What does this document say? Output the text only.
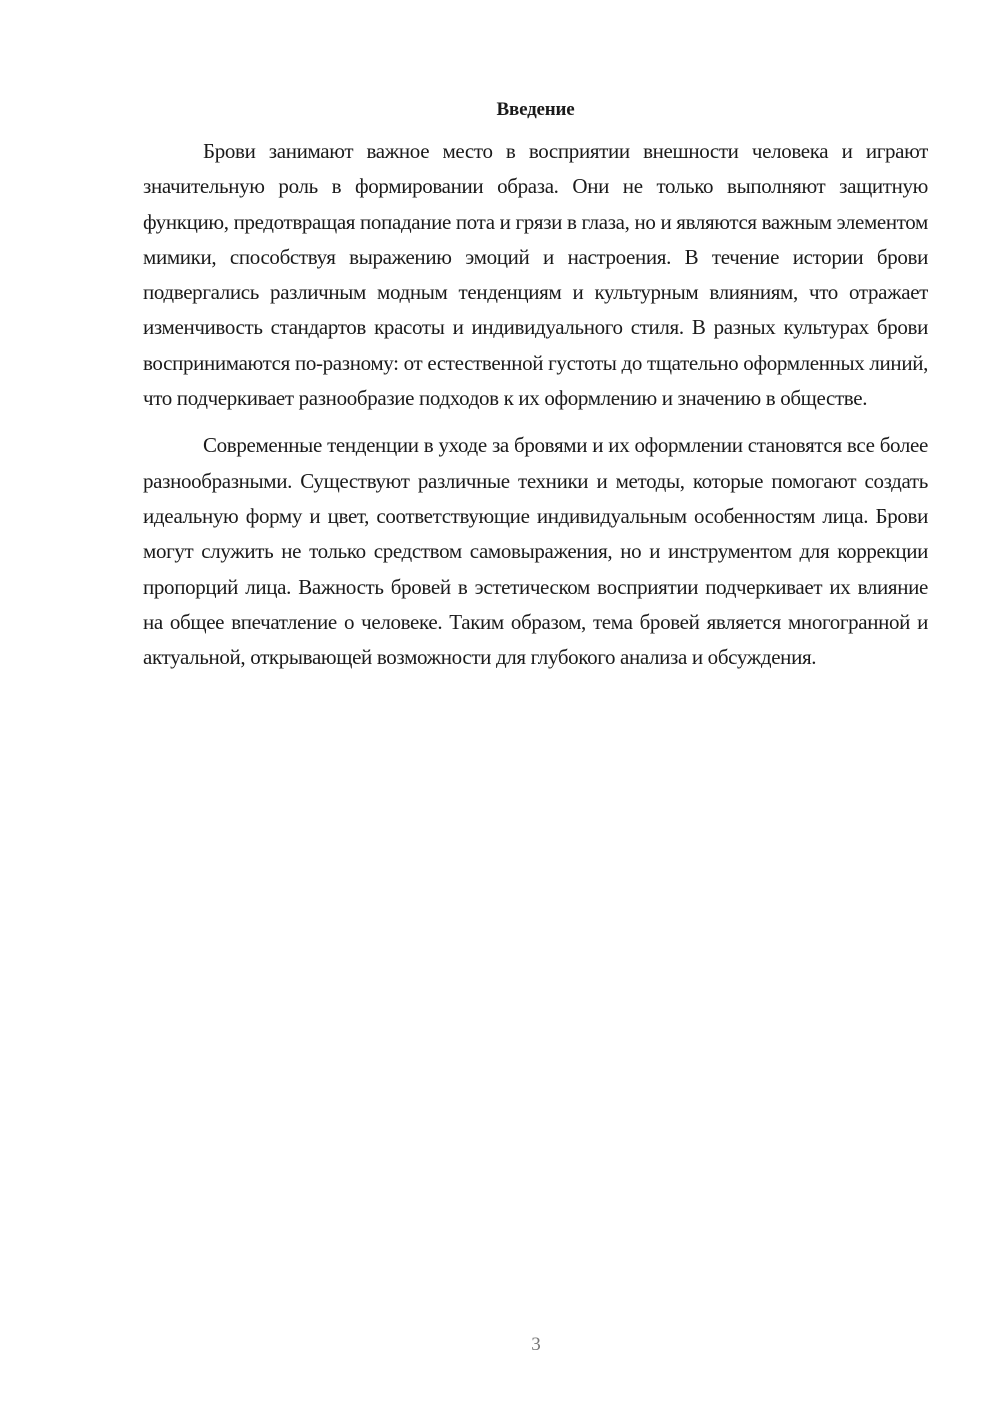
Введение

Брови занимают важное место в восприятии внешности человека и играют значительную роль в формировании образа. Они не только выполняют защитную функцию, предотвращая попадание пота и грязи в глаза, но и являются важным элементом мимики, способствуя выражению эмоций и настроения. В течение истории брови подвергались различным модным тенденциям и культурным влияниям, что отражает изменчивость стандартов красоты и индивидуального стиля. В разных культурах брови воспринимаются по-разному: от естественной густоты до тщательно оформленных линий, что подчеркивает разнообразие подходов к их оформлению и значению в обществе.

Современные тенденции в уходе за бровями и их оформлении становятся все более разнообразными. Существуют различные техники и методы, которые помогают создать идеальную форму и цвет, соответствующие индивидуальным особенностям лица. Брови могут служить не только средством самовыражения, но и инструментом для коррекции пропорций лица. Важность бровей в эстетическом восприятии подчеркивает их влияние на общее впечатление о человеке. Таким образом, тема бровей является многогранной и актуальной, открывающей возможности для глубокого анализа и обсуждения.

3
